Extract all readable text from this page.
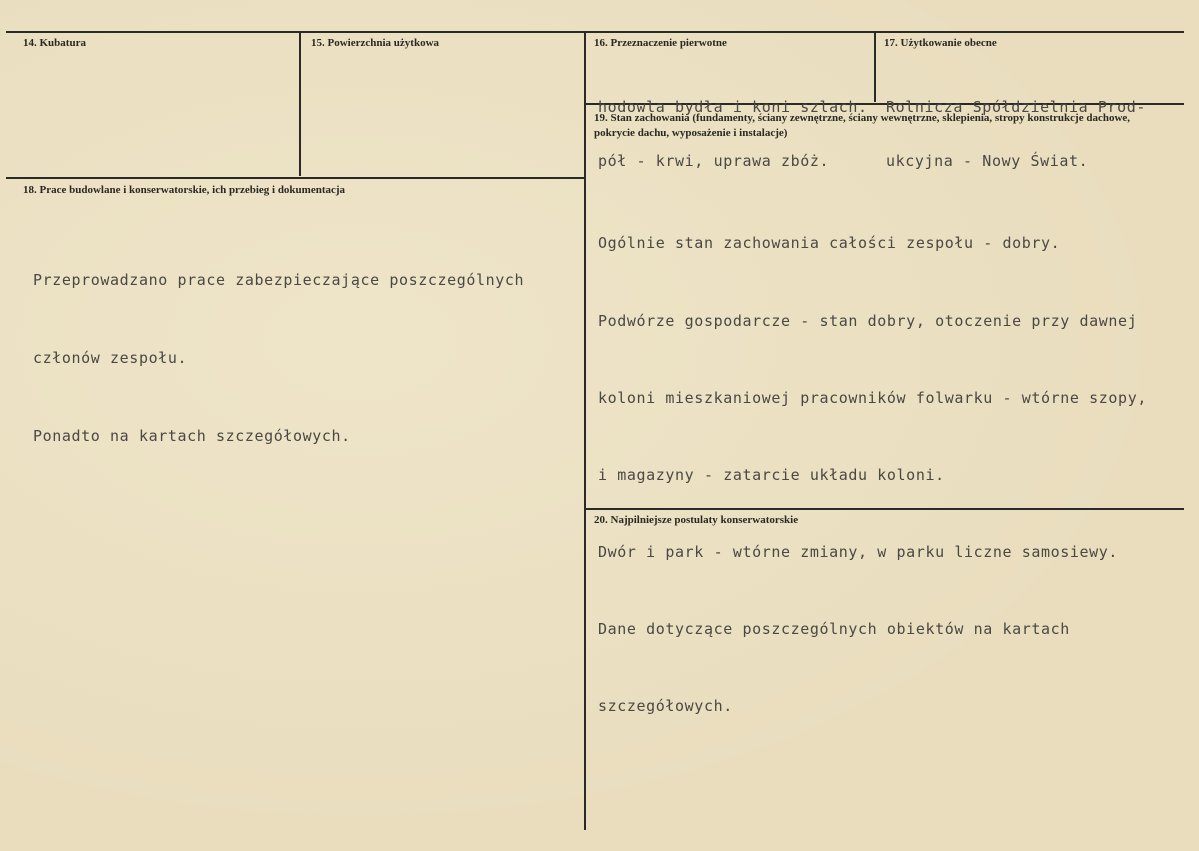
14. Kubatura	15. Powierzchnia użytkowa	16. Przeznaczenie pierwotne

hodowla bydła i koni szlach.

pół - krwi, uprawa zbóż.

17. Użytkowanie obecne

Rolnicza Spółdzielnia Prod-

ukcyjna - Nowy Świat.

18. Prace budowlane i konserwatorskie, ich przebieg i dokumentacja

Przeprowadzano prace zabezpieczające poszczególnych

członów zespołu.

Ponadto na kartach szczegółowych.

19. Stan zachowania (fundamenty, ściany zewnętrzne, ściany wewnętrzne, sklepienia, stropy konstrukcje dachowe, pokrycie dachu, wyposażenie i instalacje)

Ogólnie stan zachowania całości zespołu - dobry.

Podwórze gospodarcze - stan dobry, otoczenie przy dawnej

koloni mieszkaniowej pracowników folwarku - wtórne szopy,

i magazyny - zatarcie układu koloni.

Dwór i park - wtórne zmiany, w parku liczne samosiewy.

Dane dotyczące poszczególnych obiektów na kartach

szczegółowych.

20. Najpilniejsze postulaty konserwatorskie
